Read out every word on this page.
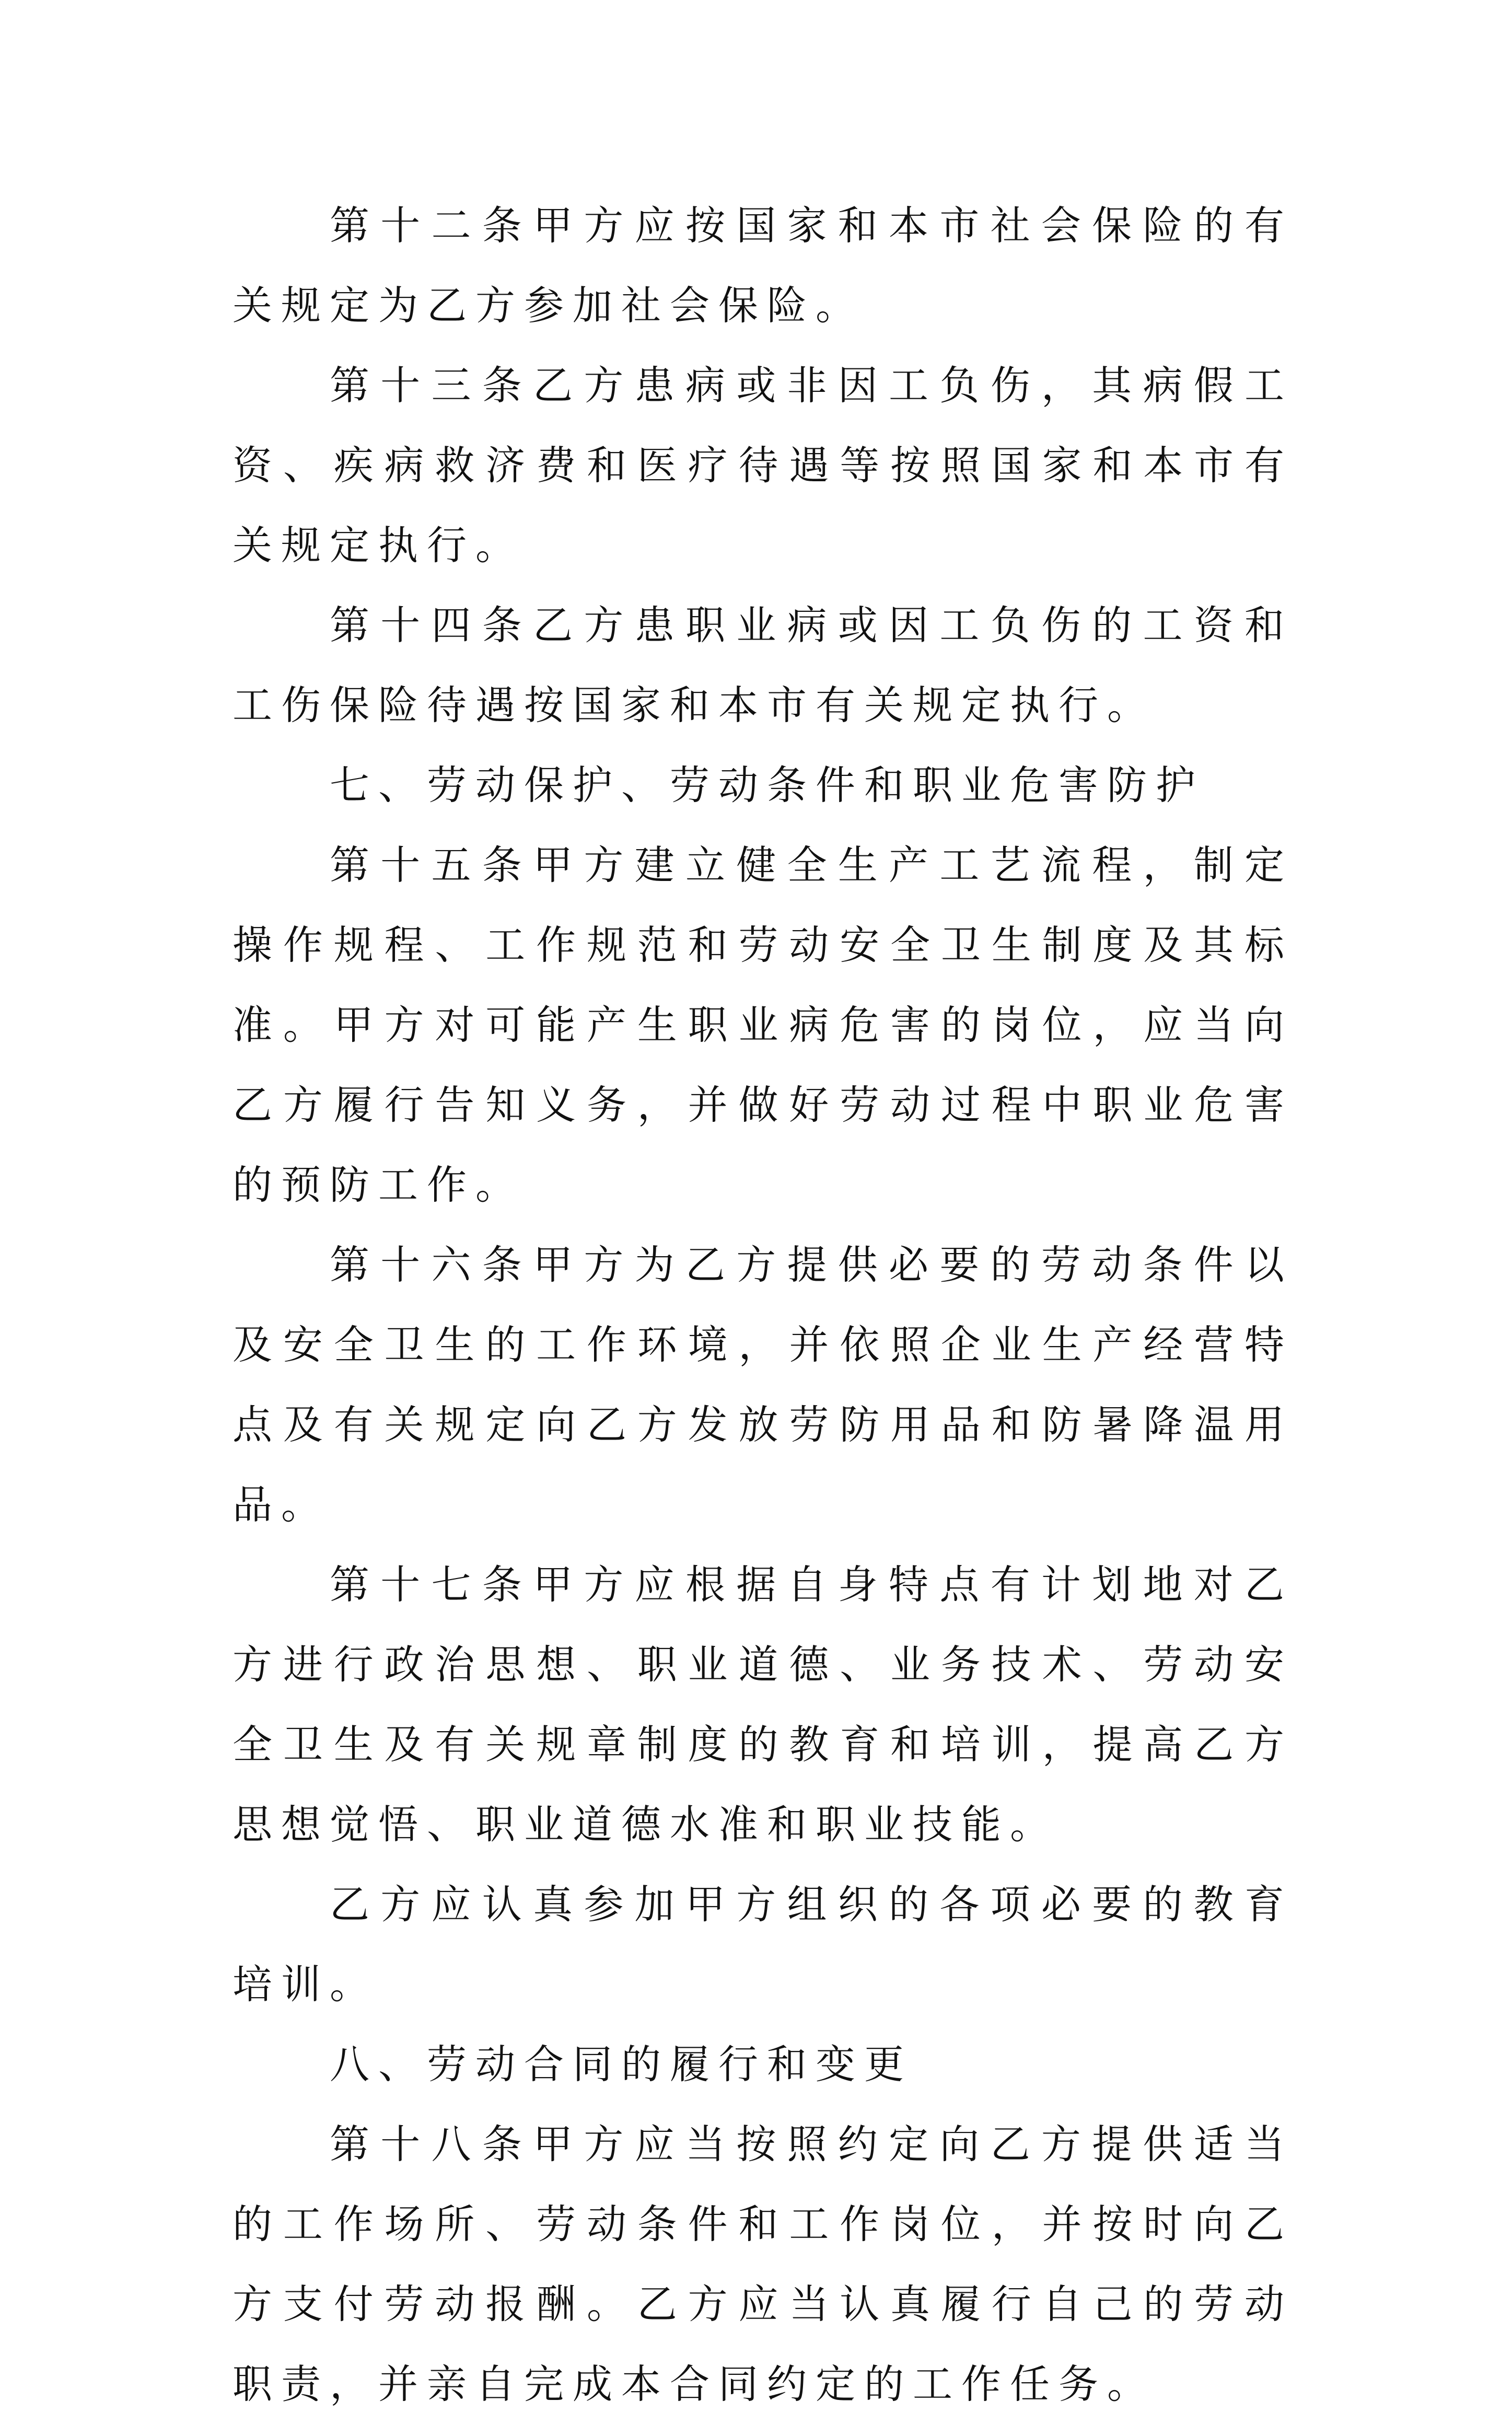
第十二条甲方应按国家和本市社会保险的有关规定为乙方参加社会保险。

第十三条乙方患病或非因工负伤，其病假工资、疾病救济费和医疗待遇等按照国家和本市有关规定执行。

第十四条乙方患职业病或因工负伤的工资和工伤保险待遇按国家和本市有关规定执行。

七、劳动保护、劳动条件和职业危害防护

第十五条甲方建立健全生产工艺流程，制定操作规程、工作规范和劳动安全卫生制度及其标准。甲方对可能产生职业病危害的岗位，应当向乙方履行告知义务，并做好劳动过程中职业危害的预防工作。

第十六条甲方为乙方提供必要的劳动条件以及安全卫生的工作环境，并依照企业生产经营特点及有关规定向乙方发放劳防用品和防暑降温用品。

第十七条甲方应根据自身特点有计划地对乙方进行政治思想、职业道德、业务技术、劳动安全卫生及有关规章制度的教育和培训，提高乙方思想觉悟、职业道德水准和职业技能。

乙方应认真参加甲方组织的各项必要的教育培训。

八、劳动合同的履行和变更

第十八条甲方应当按照约定向乙方提供适当的工作场所、劳动条件和工作岗位，并按时向乙方支付劳动报酬。乙方应当认真履行自己的劳动职责，并亲自完成本合同约定的工作任务。
